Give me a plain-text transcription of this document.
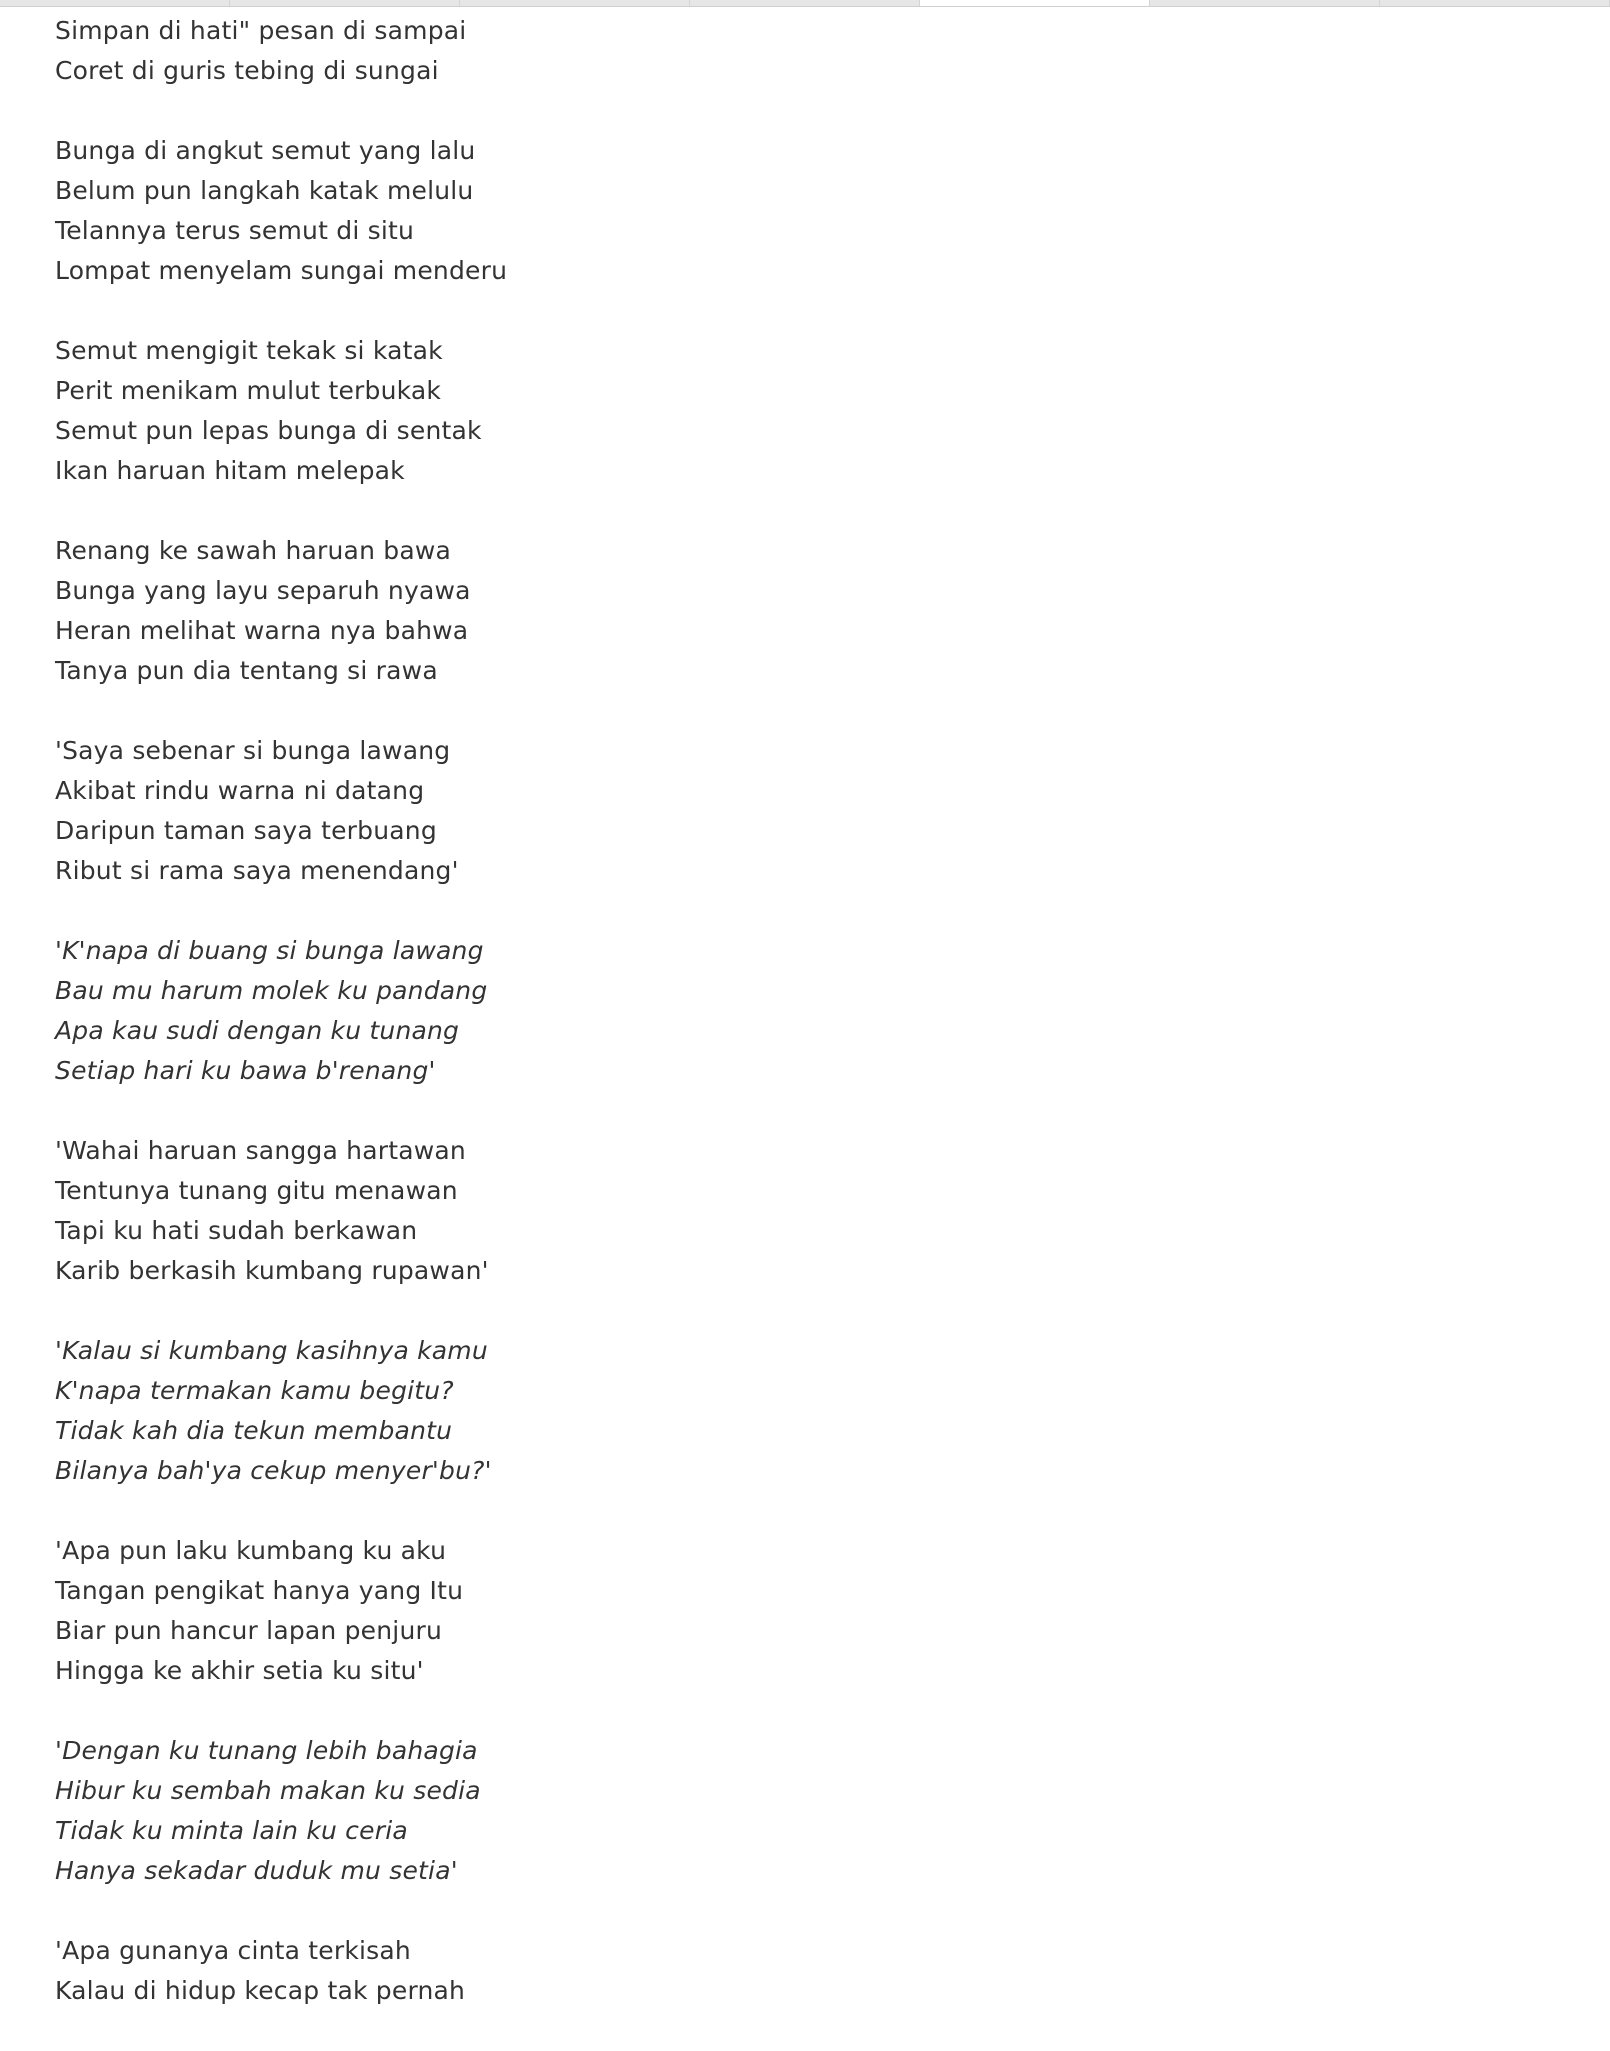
Simpan di hati" pesan di sampai
Coret di guris tebing di sungai
Bunga di angkut semut yang lalu
Belum pun langkah katak melulu
Telannya terus semut di situ
Lompat menyelam sungai menderu
Semut mengigit tekak si katak
Perit menikam mulut terbukak
Semut pun lepas bunga di sentak
Ikan haruan hitam melepak
Renang ke sawah haruan bawa
Bunga yang layu separuh nyawa
Heran melihat warna nya bahwa
Tanya pun dia tentang si rawa
'Saya sebenar si bunga lawang
Akibat rindu warna ni datang
Daripun taman saya terbuang
Ribut si rama saya menendang'
'K'napa di buang si bunga lawang
Bau mu harum molek ku pandang
Apa kau sudi dengan ku tunang
Setiap hari ku bawa b'renang'
'Wahai haruan sangga hartawan
Tentunya tunang gitu menawan
Tapi ku hati sudah berkawan
Karib berkasih kumbang rupawan'
'Kalau si kumbang kasihnya kamu
K'napa termakan kamu begitu?
Tidak kah dia tekun membantu
Bilanya bah'ya cekup menyer'bu?'
'Apa pun laku kumbang ku aku
Tangan pengikat hanya yang Itu
Biar pun hancur lapan penjuru
Hingga ke akhir setia ku situ'
'Dengan ku tunang lebih bahagia
Hibur ku sembah makan ku sedia
Tidak ku minta lain ku ceria
Hanya sekadar duduk mu setia'
'Apa gunanya cinta terkisah
Kalau di hidup kecap tak pernah
